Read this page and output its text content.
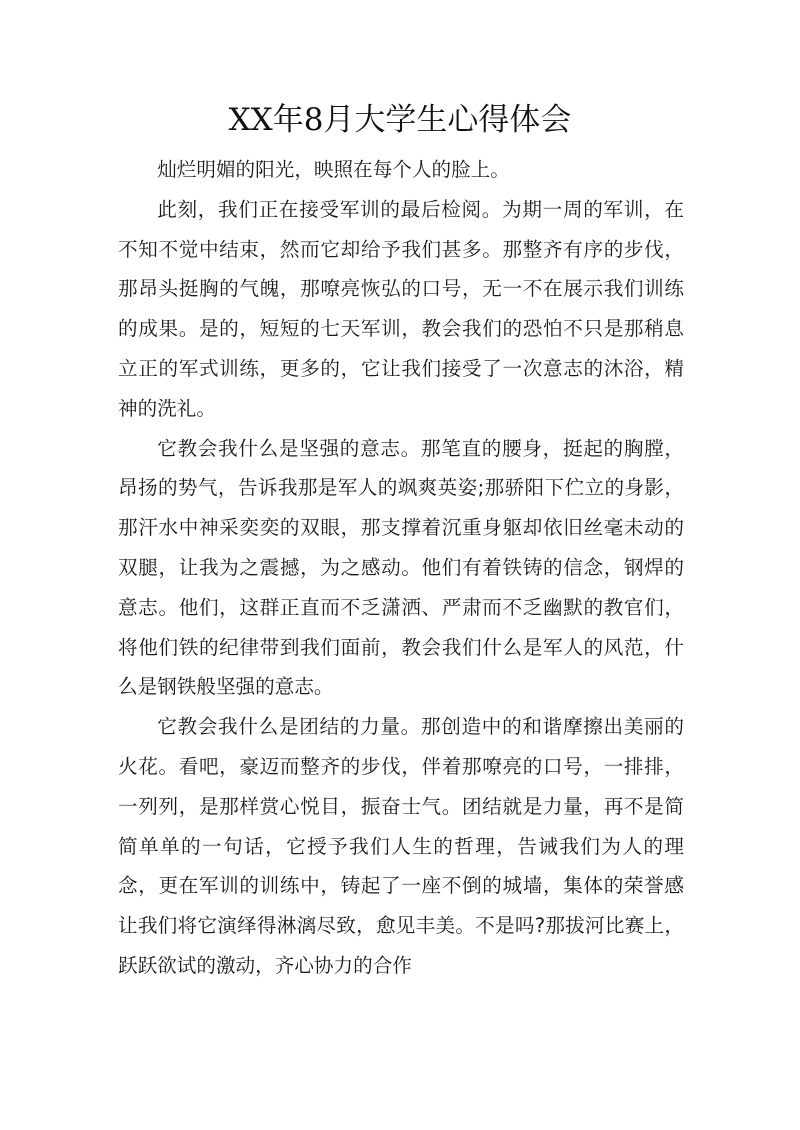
XX年8月大学生心得体会

灿烂明媚的阳光，映照在每个人的脸上。

此刻，我们正在接受军训的最后检阅。为期一周的军训，在不知不觉中结束，然而它却给予我们甚多。那整齐有序的步伐，那昂头挺胸的气魄，那嘹亮恢弘的口号，无一不在展示我们训练的成果。是的，短短的七天军训，教会我们的恐怕不只是那稍息立正的军式训练，更多的，它让我们接受了一次意志的沐浴，精神的洗礼。

它教会我什么是坚强的意志。那笔直的腰身，挺起的胸膛，昂扬的势气，告诉我那是军人的飒爽英姿;那骄阳下伫立的身影，那汗水中神采奕奕的双眼，那支撑着沉重身躯却依旧丝毫未动的双腿，让我为之震撼，为之感动。他们有着铁铸的信念，钢焊的意志。他们，这群正直而不乏潇洒、严肃而不乏幽默的教官们，将他们铁的纪律带到我们面前，教会我们什么是军人的风范，什么是钢铁般坚强的意志。

它教会我什么是团结的力量。那创造中的和谐摩擦出美丽的火花。看吧，豪迈而整齐的步伐，伴着那嘹亮的口号，一排排，一列列，是那样赏心悦目，振奋士气。团结就是力量，再不是简简单单的一句话，它授予我们人生的哲理，告诫我们为人的理念，更在军训的训练中，铸起了一座不倒的城墙，集体的荣誉感让我们将它演绎得淋漓尽致，愈见丰美。不是吗?那拔河比赛上，跃跃欲试的激动，齐心协力的合作
